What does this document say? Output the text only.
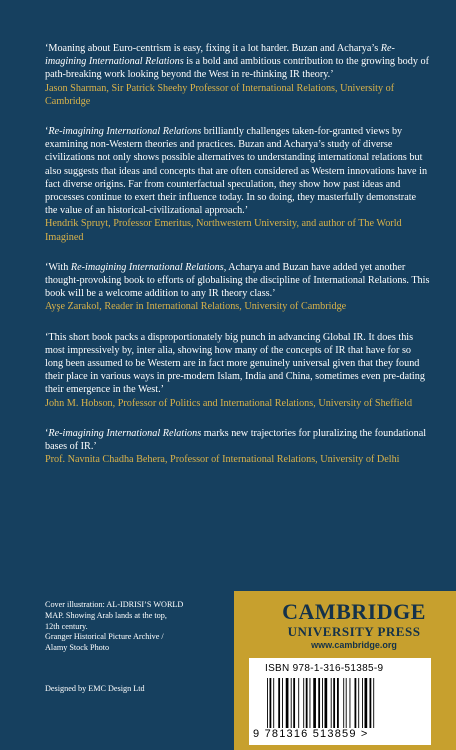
‘Moaning about Euro-centrism is easy, fixing it a lot harder. Buzan and Acharya’s Re-imagining International Relations is a bold and ambitious contribution to the growing body of path-breaking work looking beyond the West in re-thinking IR theory.’

Jason Sharman, Sir Patrick Sheehy Professor of International Relations, University of Cambridge

‘Re-imagining International Relations brilliantly challenges taken-for-granted views by examining non-Western theories and practices. Buzan and Acharya’s study of diverse civilizations not only shows possible alternatives to understanding international relations but also suggests that ideas and concepts that are often considered as Western innovations have in fact diverse origins. Far from counterfactual speculation, they show how past ideas and processes continue to exert their influence today. In so doing, they masterfully demonstrate the value of an historical-civilizational approach.’

Hendrik Spruyt, Professor Emeritus, Northwestern University, and author of The World Imagined

‘With Re-imagining International Relations, Acharya and Buzan have added yet another thought-provoking book to efforts of globalising the discipline of International Relations. This book will be a welcome addition to any IR theory class.’

Ayşe Zarakol, Reader in International Relations, University of Cambridge

‘This short book packs a disproportionately big punch in advancing Global IR. It does this most impressively by, inter alia, showing how many of the concepts of IR that have for so long been assumed to be Western are in fact more genuinely universal given that they found their place in various ways in pre-modern Islam, India and China, sometimes even pre-dating their emergence in the West.’

John M. Hobson, Professor of Politics and International Relations, University of Sheffield

‘Re-imagining International Relations marks new trajectories for pluralizing the foundational bases of IR.’

Prof. Navnita Chadha Behera, Professor of International Relations, University of Delhi

Cover illustration: AL-IDRISI’S WORLD

MAP. Showing Arab lands at the top,

12th century.

Granger Historical Picture Archive /

Alamy Stock Photo

Designed by EMC Design Ltd
CAMBRIDGE
UNIVERSITY PRESS
www.cambridge.org
ISBN 978-1-316-51385-9
9 781316 513859 >
